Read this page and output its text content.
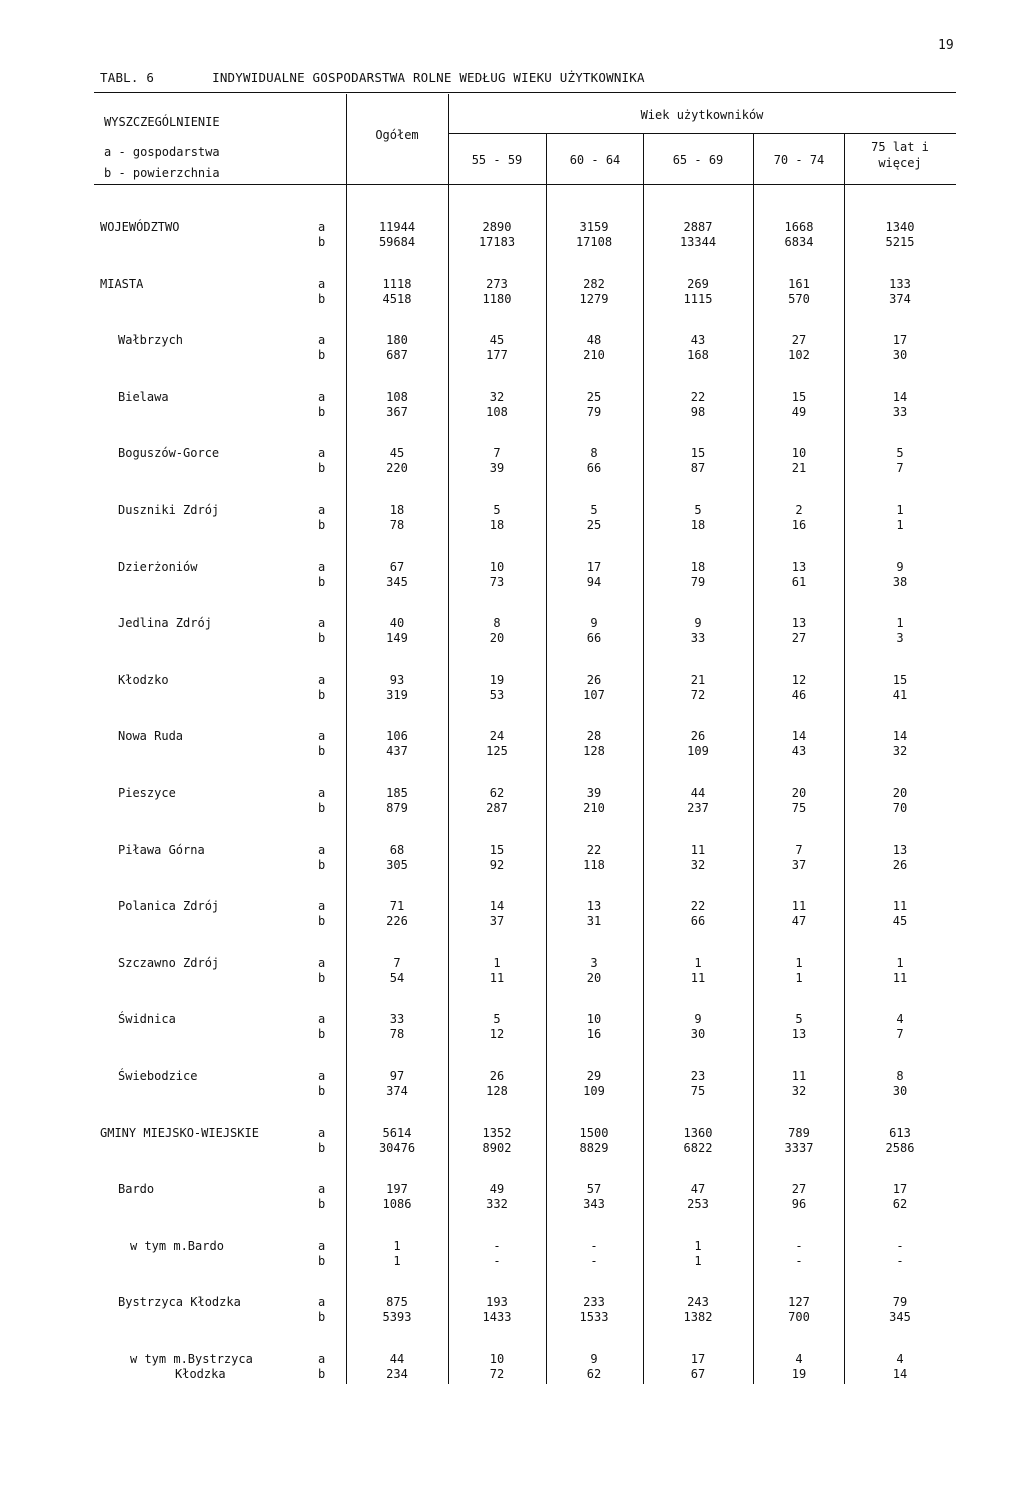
19
TABL. 6	INDYWIDUALNE GOSPODARSTWA ROLNE WEDŁUG WIEKU UŻYTKOWNIKA
WYSZCZEGÓLNIENIE
a - gospodarstwa
b - powierzchnia
Ogółem
Wiek użytkowników
55 - 59	60 - 64	65 - 69	70 - 74
75 lat i
więcej
WOJEWÓDZTWO	a	11944	2890	3159	2887	1668	1340
b	59684	17183	17108	13344	6834	5215
MIASTA	a	1118	273	282	269	161	133
b	4518	1180	1279	1115	570	374
Wałbrzych	a	180	45	48	43	27	17
b	687	177	210	168	102	30
Bielawa	a	108	32	25	22	15	14
b	367	108	79	98	49	33
Boguszów-Gorce	a	45	7	8	15	10	5
b	220	39	66	87	21	7
Duszniki Zdrój	a	18	5	5	5	2	1
b	78	18	25	18	16	1
Dzierżoniów	a	67	10	17	18	13	9
b	345	73	94	79	61	38
Jedlina Zdrój	a	40	8	9	9	13	1
b	149	20	66	33	27	3
Kłodzko	a	93	19	26	21	12	15
b	319	53	107	72	46	41
Nowa Ruda	a	106	24	28	26	14	14
b	437	125	128	109	43	32
Pieszyce	a	185	62	39	44	20	20
b	879	287	210	237	75	70
Piława Górna	a	68	15	22	11	7	13
b	305	92	118	32	37	26
Polanica Zdrój	a	71	14	13	22	11	11
b	226	37	31	66	47	45
Szczawno Zdrój	a	7	1	3	1	1	1
b	54	11	20	11	1	11
Świdnica	a	33	5	10	9	5	4
b	78	12	16	30	13	7
Świebodzice	a	97	26	29	23	11	8
b	374	128	109	75	32	30
GMINY MIEJSKO-WIEJSKIE	a	5614	1352	1500	1360	789	613
b	30476	8902	8829	6822	3337	2586
Bardo	a	197	49	57	47	27	17
b	1086	332	343	253	96	62
w tym m.Bardo	a	1	-	-	1	-	-
b	1	-	-	1	-	-
Bystrzyca Kłodzka	a	875	193	233	243	127	79
b	5393	1433	1533	1382	700	345
w tym m.Bystrzyca
Kłodzka
a	44	10	9	17	4	4
b	234	72	62	67	19	14
